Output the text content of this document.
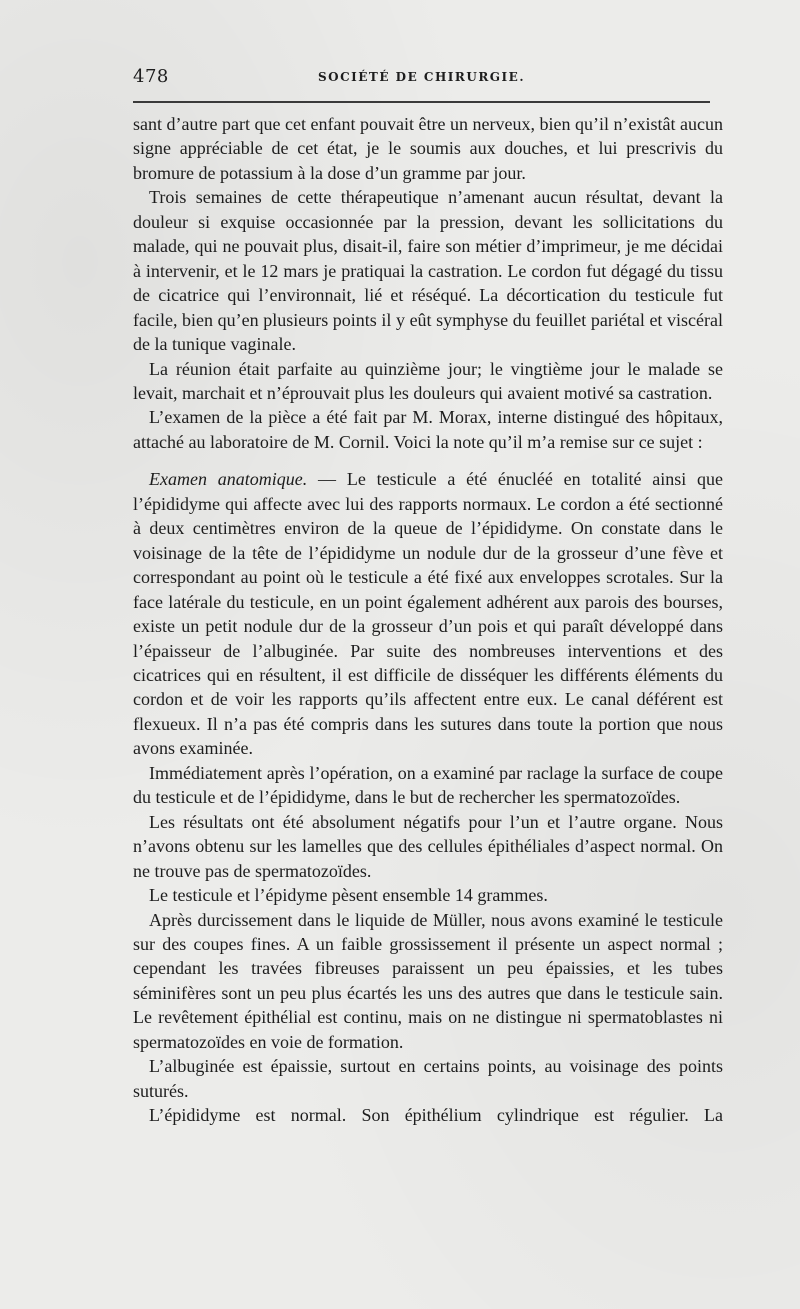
478	SOCIÉTÉ DE CHIRURGIE.

sant d’autre part que cet enfant pouvait être un nerveux, bien qu’il n’existât aucun signe appréciable de cet état, je le soumis aux douches, et lui prescrivis du bromure de potassium à la dose d’un gramme par jour.

Trois semaines de cette thérapeutique n’amenant aucun résultat, devant la douleur si exquise occasionnée par la pression, devant les sollicitations du malade, qui ne pouvait plus, disait-il, faire son métier d’imprimeur, je me décidai à intervenir, et le 12 mars je pratiquai la castration. Le cordon fut dégagé du tissu de cicatrice qui l’environnait, lié et réséqué. La décortication du testicule fut facile, bien qu’en plusieurs points il y eût symphyse du feuillet pariétal et viscéral de la tunique vaginale.

La réunion était parfaite au quinzième jour; le vingtième jour le malade se levait, marchait et n’éprouvait plus les douleurs qui avaient motivé sa castration.

L’examen de la pièce a été fait par M. Morax, interne distingué des hôpitaux, attaché au laboratoire de M. Cornil. Voici la note qu’il m’a remise sur ce sujet :

Examen anatomique. — Le testicule a été énucléé en totalité ainsi que l’épididyme qui affecte avec lui des rapports normaux. Le cordon a été sectionné à deux centimètres environ de la queue de l’épididyme. On constate dans le voisinage de la tête de l’épididyme un nodule dur de la grosseur d’une fève et correspondant au point où le testicule a été fixé aux enveloppes scrotales. Sur la face latérale du testicule, en un point également adhérent aux parois des bourses, existe un petit nodule dur de la grosseur d’un pois et qui paraît développé dans l’épaisseur de l’albuginée. Par suite des nombreuses interventions et des cicatrices qui en résultent, il est difficile de disséquer les différents éléments du cordon et de voir les rapports qu’ils affectent entre eux. Le canal déférent est flexueux. Il n’a pas été compris dans les sutures dans toute la portion que nous avons examinée.

Immédiatement après l’opération, on a examiné par raclage la surface de coupe du testicule et de l’épididyme, dans le but de rechercher les spermatozoïdes.

Les résultats ont été absolument négatifs pour l’un et l’autre organe. Nous n’avons obtenu sur les lamelles que des cellules épithéliales d’aspect normal. On ne trouve pas de spermatozoïdes.

Le testicule et l’épidyme pèsent ensemble 14 grammes.

Après durcissement dans le liquide de Müller, nous avons examiné le testicule sur des coupes fines. A un faible grossissement il présente un aspect normal ; cependant les travées fibreuses paraissent un peu épaissies, et les tubes séminifères sont un peu plus écartés les uns des autres que dans le testicule sain. Le revêtement épithélial est continu, mais on ne distingue ni spermatoblastes ni spermatozoïdes en voie de formation.

L’albuginée est épaissie, surtout en certains points, au voisinage des points suturés.

L’épididyme est normal. Son épithélium cylindrique est régulier. La
